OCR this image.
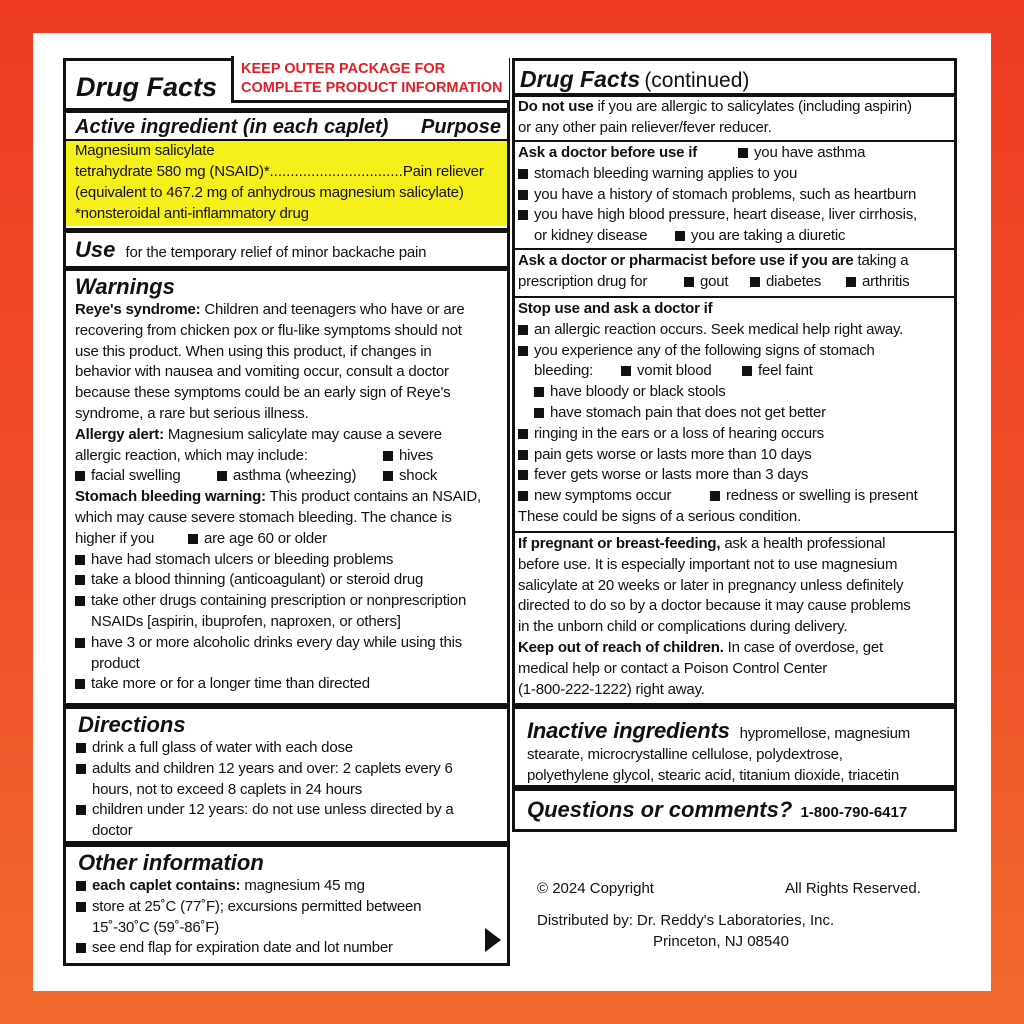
Drug Facts
KEEP OUTER PACKAGE FOR
COMPLETE PRODUCT INFORMATION
Active ingredient (in each caplet) Purpose
Magnesium salicylate
tetrahydrate 580 mg (NSAID)*................................Pain reliever
(equivalent to 467.2 mg of anhydrous magnesium salicylate)
*nonsteroidal anti-inflammatory drug
Use for the temporary relief of minor backache pain
Warnings
Reye's syndrome: Children and teenagers who have or are
recovering from chicken pox or flu-like symptoms should not
use this product. When using this product, if changes in
behavior with nausea and vomiting occur, consult a doctor
because these symptoms could be an early sign of Reye's
syndrome, a rare but serious illness.
Allergy alert: Magnesium salicylate may cause a severe
allergic reaction, which may include:	hives
facial swelling	asthma (wheezing)	shock
Stomach bleeding warning: This product contains an NSAID,
which may cause severe stomach bleeding. The chance is
higher if you	are age 60 or older
have had stomach ulcers or bleeding problems
take a blood thinning (anticoagulant) or steroid drug
take other drugs containing prescription or nonprescription
NSAIDs [aspirin, ibuprofen, naproxen, or others]
have 3 or more alcoholic drinks every day while using this
product
take more or for a longer time than directed
Directions
drink a full glass of water with each dose
adults and children 12 years and over: 2 caplets every 6
hours, not to exceed 8 caplets in 24 hours
children under 12 years: do not use unless directed by a
doctor
Other information
each caplet contains: magnesium 45 mg
store at 25˚C (77˚F); excursions permitted between
15˚-30˚C (59˚-86˚F)
see end flap for expiration date and lot number
Drug Facts (continued)
Do not use if you are allergic to salicylates (including aspirin)
or any other pain reliever/fever reducer.
Ask a doctor before use if	you have asthma
stomach bleeding warning applies to you
you have a history of stomach problems, such as heartburn
you have high blood pressure, heart disease, liver cirrhosis,
or kidney disease	you are taking a diuretic
Ask a doctor or pharmacist before use if you are taking a
prescription drug for	gout	diabetes	arthritis
Stop use and ask a doctor if
an allergic reaction occurs. Seek medical help right away.
you experience any of the following signs of stomach
bleeding:	vomit blood	feel faint
have bloody or black stools
have stomach pain that does not get better
ringing in the ears or a loss of hearing occurs
pain gets worse or lasts more than 10 days
fever gets worse or lasts more than 3 days
new symptoms occur	redness or swelling is present
These could be signs of a serious condition.
If pregnant or breast-feeding, ask a health professional
before use. It is especially important not to use magnesium
salicylate at 20 weeks or later in pregnancy unless definitely
directed to do so by a doctor because it may cause problems
in the unborn child or complications during delivery.
Keep out of reach of children. In case of overdose, get
medical help or contact a Poison Control Center
(1-800-222-1222) right away.
Inactive ingredients hypromellose, magnesium
stearate, microcrystalline cellulose, polydextrose,
polyethylene glycol, stearic acid, titanium dioxide, triacetin
Questions or comments? 1-800-790-6417
© 2024 Copyright	All Rights Reserved.
Distributed by: Dr. Reddy's Laboratories, Inc.
Princeton, NJ 08540
